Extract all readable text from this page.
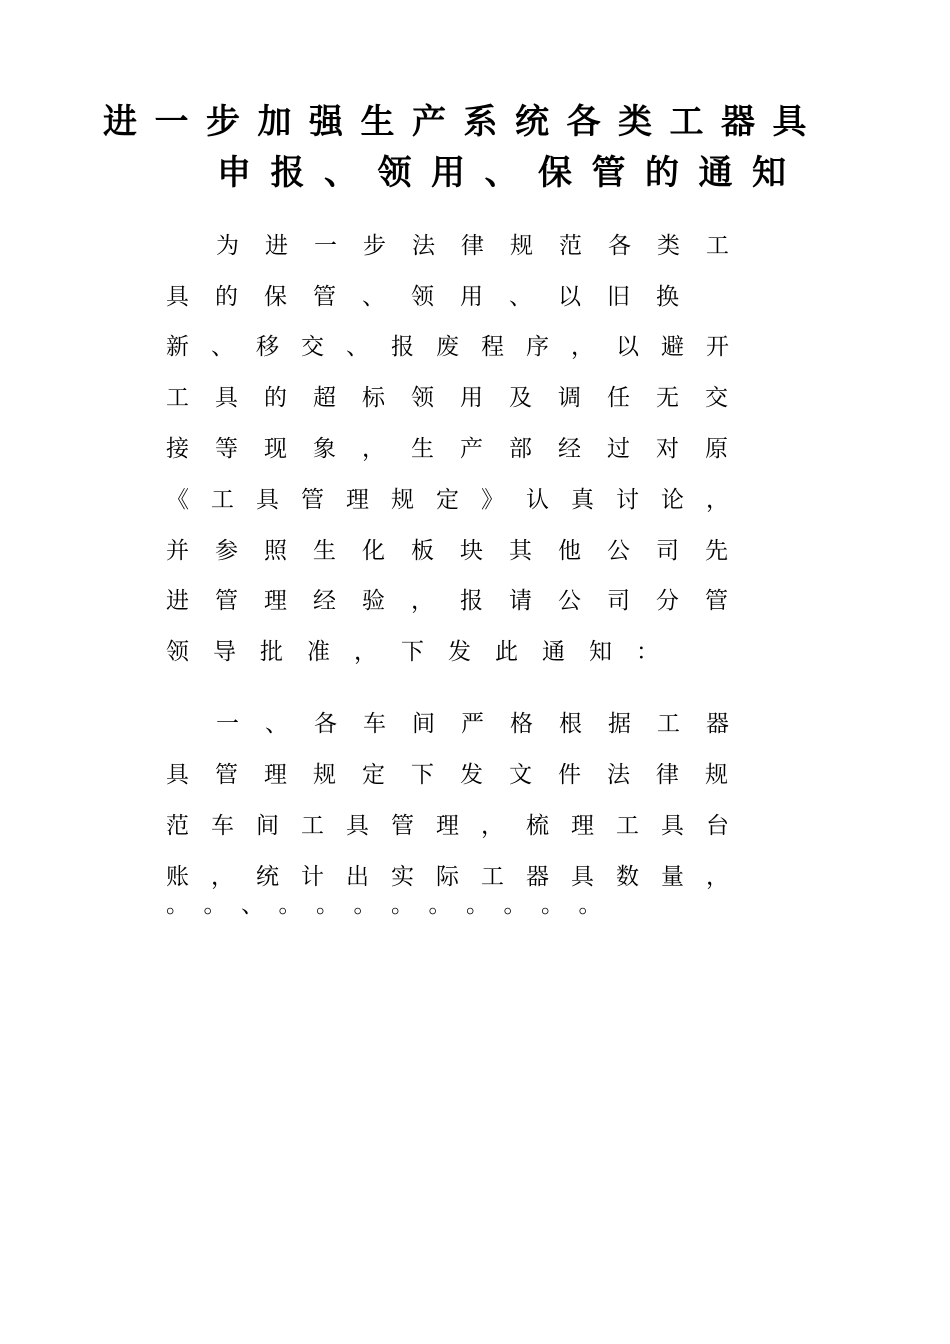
进一步加强生产系统各类工器具
申报、领用、保管的通知

为进一步法律规范各类工

具的保管、领用、以旧换

新、移交、报废程序，以避开

工具的超标领用及调任无交

接等现象，生产部经过对原

《工具管理规定》认真讨论，

并参照生化板块其他公司先

进管理经验，报请公司分管

领导批准，下发此通知：

一、各车间严格根据工器

具管理规定下发文件法律规

范车间工具管理，梳理工具台

账，统计出实际工器具数量，

。。、。。。。。。。。。
